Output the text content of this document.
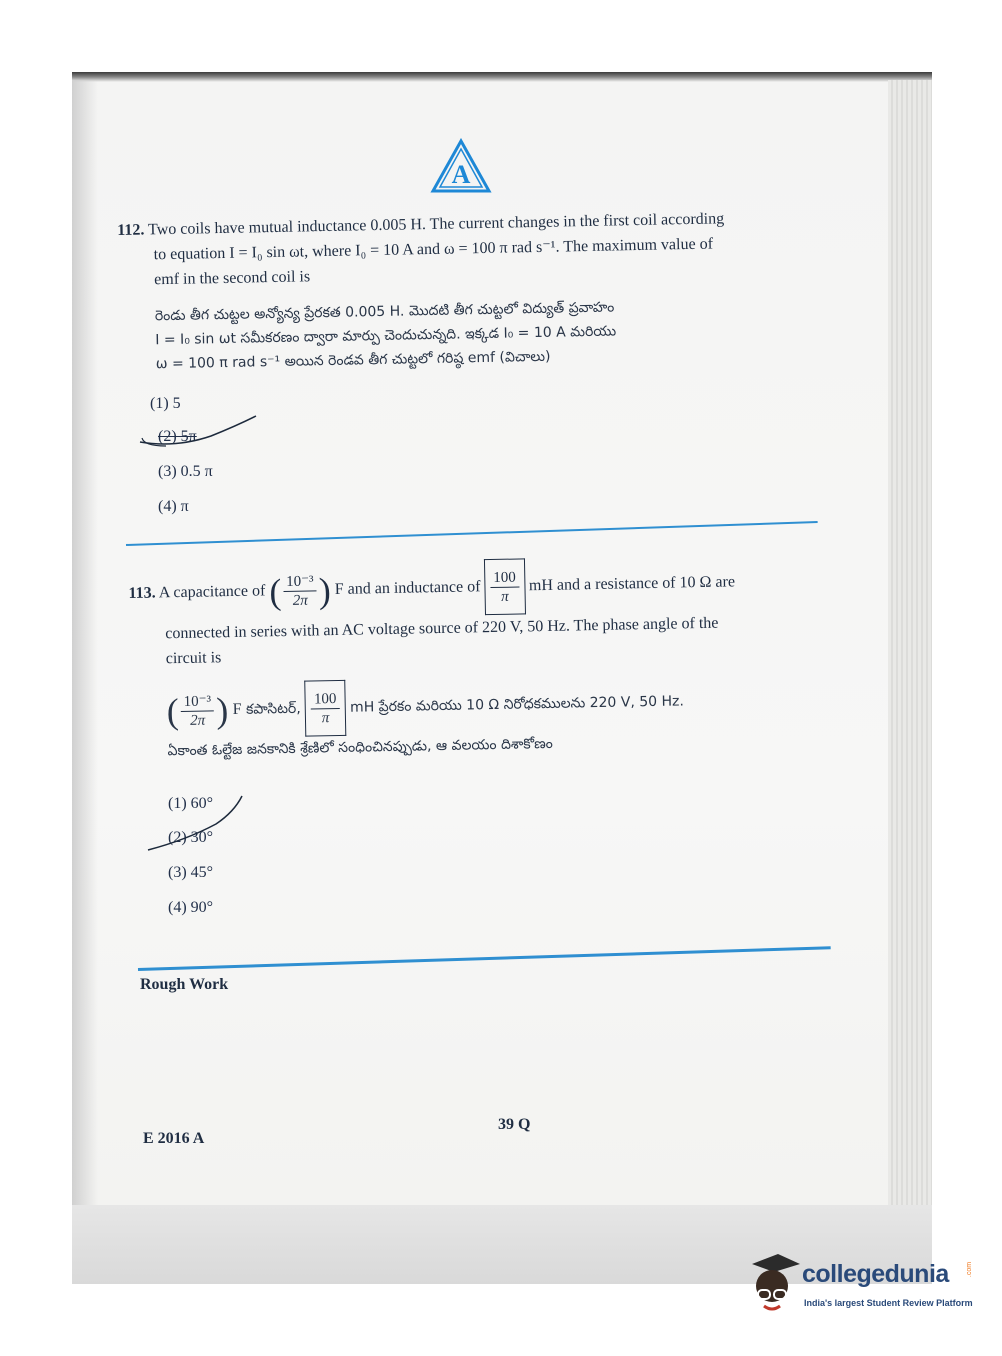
A
112. Two coils have mutual inductance 0.005 H. The current changes in the first coil according
to equation I = I₀ sin ωt, where I₀ = 10 A and ω = 100 π rad s⁻¹. The maximum value of
emf in the second coil is
రెండు తీగ చుట్టల అన్యోన్య ప్రేరకత 0.005 H. మొదటి తీగ చుట్టలో విద్యుత్ ప్రవాహం
I = I₀ sin ωt సమీకరణం ద్వారా మార్పు చెందుచున్నది. ఇక్కడ I₀ = 10 A మరియు
ω = 100 π rad s⁻¹ అయిన రెండవ తీగ చుట్టలో గరిష్ఠ emf (విచాలు)
(1) 5
(2) 5π
(3) 0.5 π
(4) π
113. A capacitance of ( $\frac{\text{10⁻³}}{2\pi}$ ) F and an inductance of $\frac{100}{\pi}$ mH and a resistance of 10 Ω are
connected in series with an AC voltage source of 220 V, 50 Hz. The phase angle of the
circuit is
( $\frac{\text{10⁻³}}{2\pi}$ ) F కపాసిటర్, $\frac{100}{\pi}$ mH ప్రేరకం మరియు 10 Ω నిరోధకములను 220 V, 50 Hz.
ఏకాంత ఓల్టేజ జనకానికి శ్రేణిలో సంధించినప్పుడు, ఆ వలయం దిశాకోణం
(1) 60°
(2) 30°
(3) 45°
(4) 90°
Rough Work
E 2016 A
39 Q
collegedunia
India's largest Student Review Platform
.com
